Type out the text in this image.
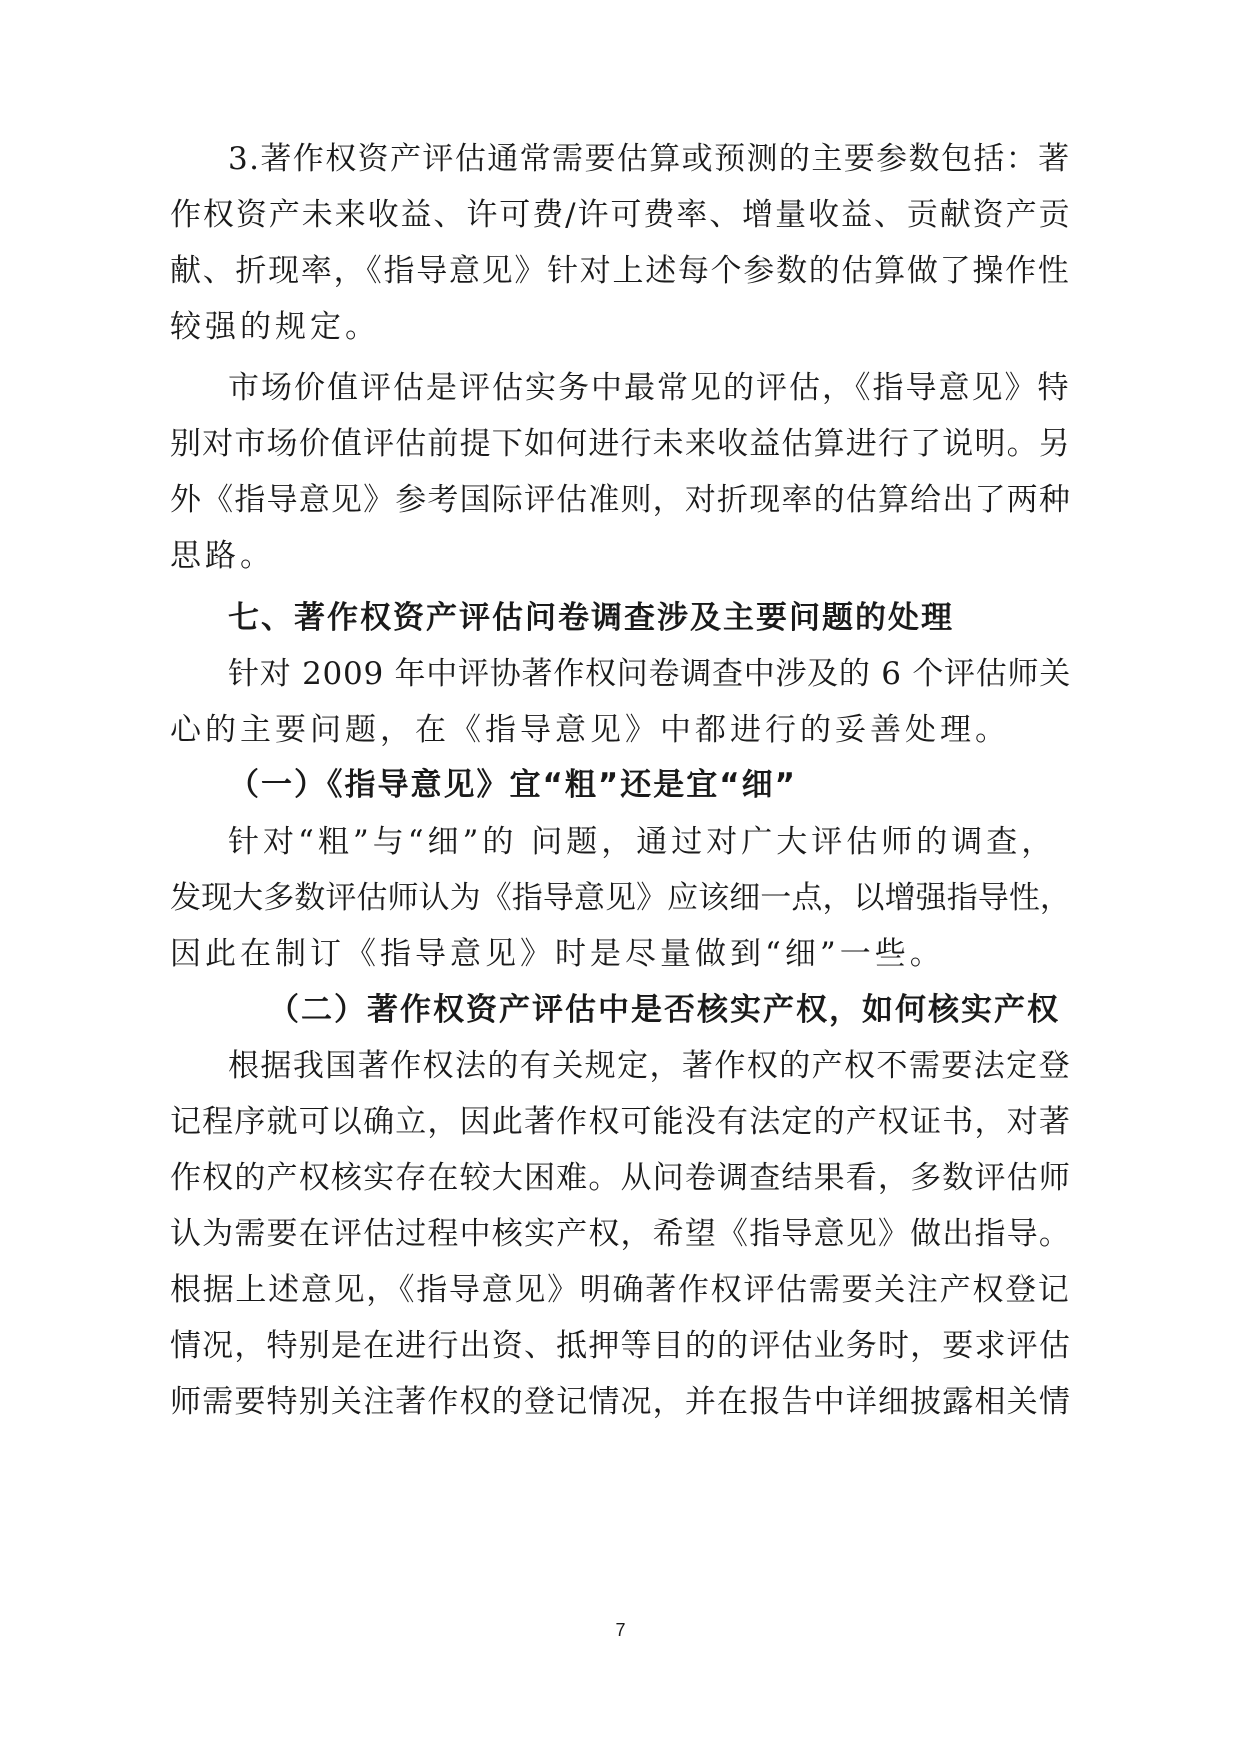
3.著作权资产评估通常需要估算或预测的主要参数包括：著

作权资产未来收益、许可费/许可费率、增量收益、贡献资产贡

献、折现率，《指导意见》针对上述每个参数的估算做了操作性

较强的规定。

市场价值评估是评估实务中最常见的评估，《指导意见》特

别对市场价值评估前提下如何进行未来收益估算进行了说明。另

外《指导意见》参考国际评估准则，对折现率的估算给出了两种

思路。

七、著作权资产评估问卷调查涉及主要问题的处理

针对 2009 年中评协著作权问卷调查中涉及的 6 个评估师关

心的主要问题，在《指导意见》中都进行的妥善处理。

（一）《指导意见》宜“粗”还是宜“细”

针对“粗”与“细”的 问题，通过对广大评估师的调查，

发现大多数评估师认为《指导意见》应该细一点，以增强指导性，

因此在制订《指导意见》时是尽量做到“细”一些。

（二）著作权资产评估中是否核实产权，如何核实产权

根据我国著作权法的有关规定，著作权的产权不需要法定登

记程序就可以确立，因此著作权可能没有法定的产权证书，对著

作权的产权核实存在较大困难。从问卷调查结果看，多数评估师

认为需要在评估过程中核实产权，希望《指导意见》做出指导。

根据上述意见，《指导意见》明确著作权评估需要关注产权登记

情况，特别是在进行出资、抵押等目的的评估业务时，要求评估

师需要特别关注著作权的登记情况，并在报告中详细披露相关情

7
